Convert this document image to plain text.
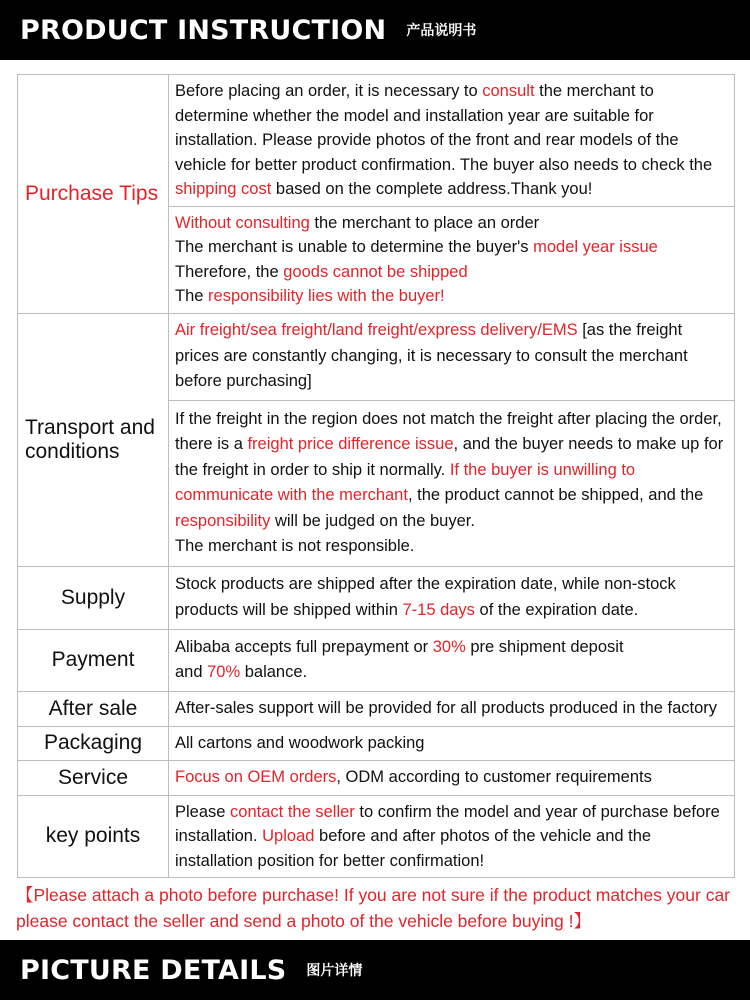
PRODUCT INSTRUCTION 产品说明书
Purchase Tips	Before placing an order, it is necessary to consult the merchant to determine whether the model and installation year are suitable for installation. Please provide photos of the front and rear models of the vehicle for better product confirmation. The buyer also needs to check the shipping cost based on the complete address.Thank you!
	Without consulting the merchant to place an order
The merchant is unable to determine the buyer's model year issue
Therefore, the goods cannot be shipped
The responsibility lies with the buyer!
Transport and conditions	Air freight/sea freight/land freight/express delivery/EMS [as the freight prices are constantly changing, it is necessary to consult the merchant before purchasing]
	If the freight in the region does not match the freight after placing the order, there is a freight price difference issue, and the buyer needs to make up for the freight in order to ship it normally. If the buyer is unwilling to communicate with the merchant, the product cannot be shipped, and the responsibility will be judged on the buyer.
The merchant is not responsible.
Supply	Stock products are shipped after the expiration date, while non-stock products will be shipped within 7-15 days of the expiration date.
Payment	Alibaba accepts full prepayment or 30% pre shipment deposit
and 70% balance.
After sale	After-sales support will be provided for all products produced in the factory
Packaging	All cartons and woodwork packing
Service	Focus on OEM orders, ODM according to customer requirements
key points	Please contact the seller to confirm the model and year of purchase before installation. Upload before and after photos of the vehicle and the installation position for better confirmation!
【Please attach a photo before purchase! If you are not sure if the product matches your car please contact the seller and send a photo of the vehicle before buying !】
PICTURE DETAILS 图片详情
